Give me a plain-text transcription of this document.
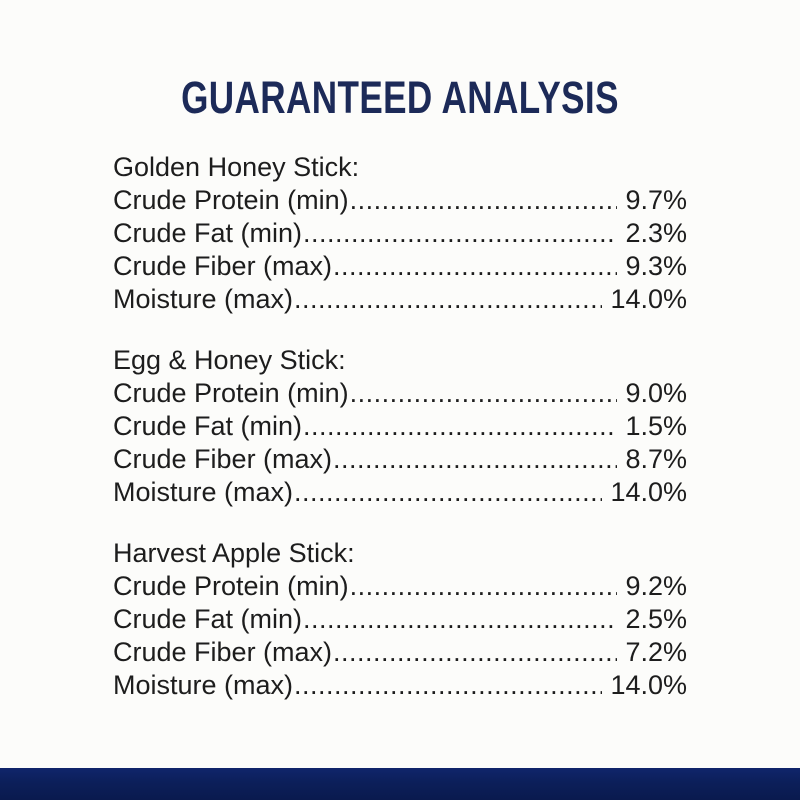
GUARANTEED ANALYSIS
Golden Honey Stick:
Crude Protein (min) .....	9.7%
Crude Fat (min) .....	2.3%
Crude Fiber (max) .....	9.3%
Moisture (max) .....	14.0%
Egg & Honey Stick:
Crude Protein (min) .....	9.0%
Crude Fat (min) .....	1.5%
Crude Fiber (max) .....	8.7%
Moisture (max) .....	14.0%
Harvest Apple Stick:
Crude Protein (min) .....	9.2%
Crude Fat (min) .....	2.5%
Crude Fiber (max) .....	7.2%
Moisture (max) .....	14.0%
